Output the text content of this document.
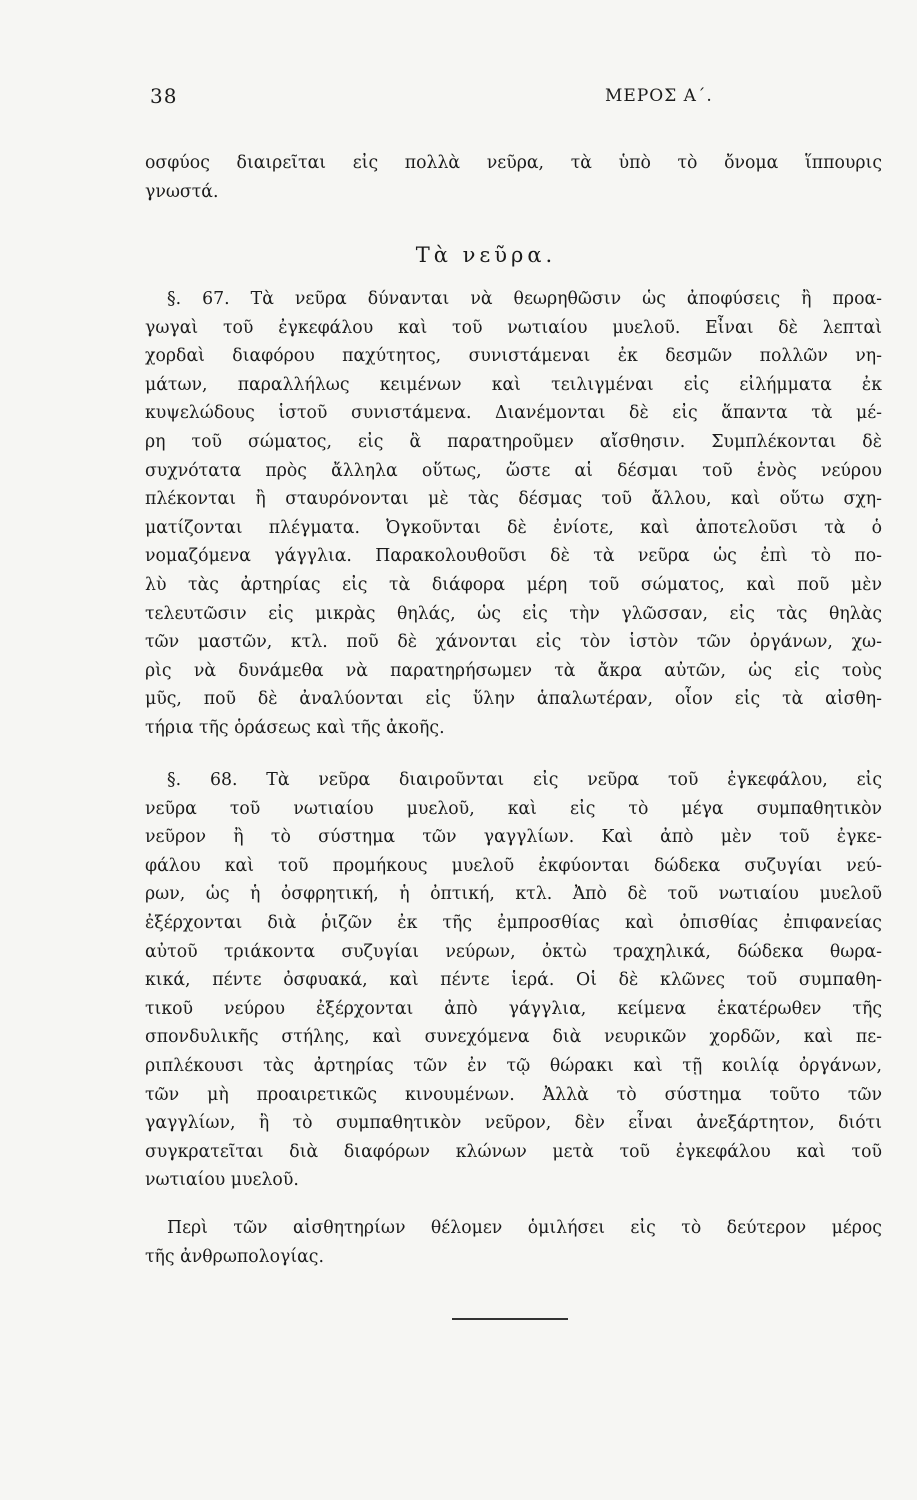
38	ΜΕΡΟΣ Α΄.
οσφύος διαιρεῖται εἰς πολλὰ νεῦρα, τὰ ὑπὸ τὸ ὄνομα ἵππουρις
γνωστά.
Τὰ νεῦρα.
§. 67. Τὰ νεῦρα δύνανται νὰ θεωρηθῶσιν ὡς ἀποφύσεις ἢ προα-
γωγαὶ τοῦ ἐγκεφάλου καὶ τοῦ νωτιαίου μυελοῦ. Εἶναι δὲ λεπταὶ
χορδαὶ διαφόρου παχύτητος, συνιστάμεναι ἐκ δεσμῶν πολλῶν νη-
μάτων, παραλλήλως κειμένων καὶ τειλιγμέναι εἰς εἰλήμματα ἐκ
κυψελώδους ἱστοῦ συνιστάμενα. Διανέμονται δὲ εἰς ἅπαντα τὰ μέ-
ρη τοῦ σώματος, εἰς ἃ παρατηροῦμεν αἴσθησιν. Συμπλέκονται δὲ
συχνότατα πρὸς ἄλληλα οὕτως, ὥστε αἱ δέσμαι τοῦ ἑνὸς νεύρου
πλέκονται ἢ σταυρόνονται μὲ τὰς δέσμας τοῦ ἄλλου, καὶ οὕτω σχη-
ματίζονται πλέγματα. Ὀγκοῦνται δὲ ἐνίοτε, καὶ ἀποτελοῦσι τὰ ὁ
νομαζόμενα γάγγλια. Παρακολουθοῦσι δὲ τὰ νεῦρα ὡς ἐπὶ τὸ πο-
λὺ τὰς ἀρτηρίας εἰς τὰ διάφορα μέρη τοῦ σώματος, καὶ ποῦ μὲν
τελευτῶσιν εἰς μικρὰς θηλάς, ὡς εἰς τὴν γλῶσσαν, εἰς τὰς θηλὰς
τῶν μαστῶν, κτλ. ποῦ δὲ χάνονται εἰς τὸν ἱστὸν τῶν ὀργάνων, χω-
ρὶς νὰ δυνάμεθα νὰ παρατηρήσωμεν τὰ ἄκρα αὐτῶν, ὡς εἰς τοὺς
μῦς, ποῦ δὲ ἀναλύονται εἰς ὕλην ἁπαλωτέραν, οἷον εἰς τὰ αἰσθη-
τήρια τῆς ὁράσεως καὶ τῆς ἀκοῆς.
§. 68. Τὰ νεῦρα διαιροῦνται εἰς νεῦρα τοῦ ἐγκεφάλου, εἰς
νεῦρα τοῦ νωτιαίου μυελοῦ, καὶ εἰς τὸ μέγα συμπαθητικὸν
νεῦρον ἢ τὸ σύστημα τῶν γαγγλίων. Καὶ ἀπὸ μὲν τοῦ ἐγκε-
φάλου καὶ τοῦ προμήκους μυελοῦ ἐκφύονται δώδεκα συζυγίαι νεύ-
ρων, ὡς ἡ ὀσφρητική, ἡ ὀπτική, κτλ. Ἀπὸ δὲ τοῦ νωτιαίου μυελοῦ
ἐξέρχονται διὰ ῥιζῶν ἐκ τῆς ἐμπροσθίας καὶ ὀπισθίας ἐπιφανείας
αὐτοῦ τριάκοντα συζυγίαι νεύρων, ὀκτὼ τραχηλικά, δώδεκα θωρα-
κικά, πέντε ὀσφυακά, καὶ πέντε ἱερά. Οἱ δὲ κλῶνες τοῦ συμπαθη-
τικοῦ νεύρου ἐξέρχονται ἀπὸ γάγγλια, κείμενα ἑκατέρωθεν τῆς
σπονδυλικῆς στήλης, καὶ συνεχόμενα διὰ νευρικῶν χορδῶν, καὶ πε-
ριπλέκουσι τὰς ἀρτηρίας τῶν ἐν τῷ θώρακι καὶ τῇ κοιλίᾳ ὀργάνων,
τῶν μὴ προαιρετικῶς κινουμένων. Ἀλλὰ τὸ σύστημα τοῦτο τῶν
γαγγλίων, ἢ τὸ συμπαθητικὸν νεῦρον, δὲν εἶναι ἀνεξάρτητον, διότι
συγκρατεῖται διὰ διαφόρων κλώνων μετὰ τοῦ ἐγκεφάλου καὶ τοῦ
νωτιαίου μυελοῦ.
Περὶ τῶν αἰσθητηρίων θέλομεν ὁμιλήσει εἰς τὸ δεύτερον μέρος
τῆς ἀνθρωπολογίας.
